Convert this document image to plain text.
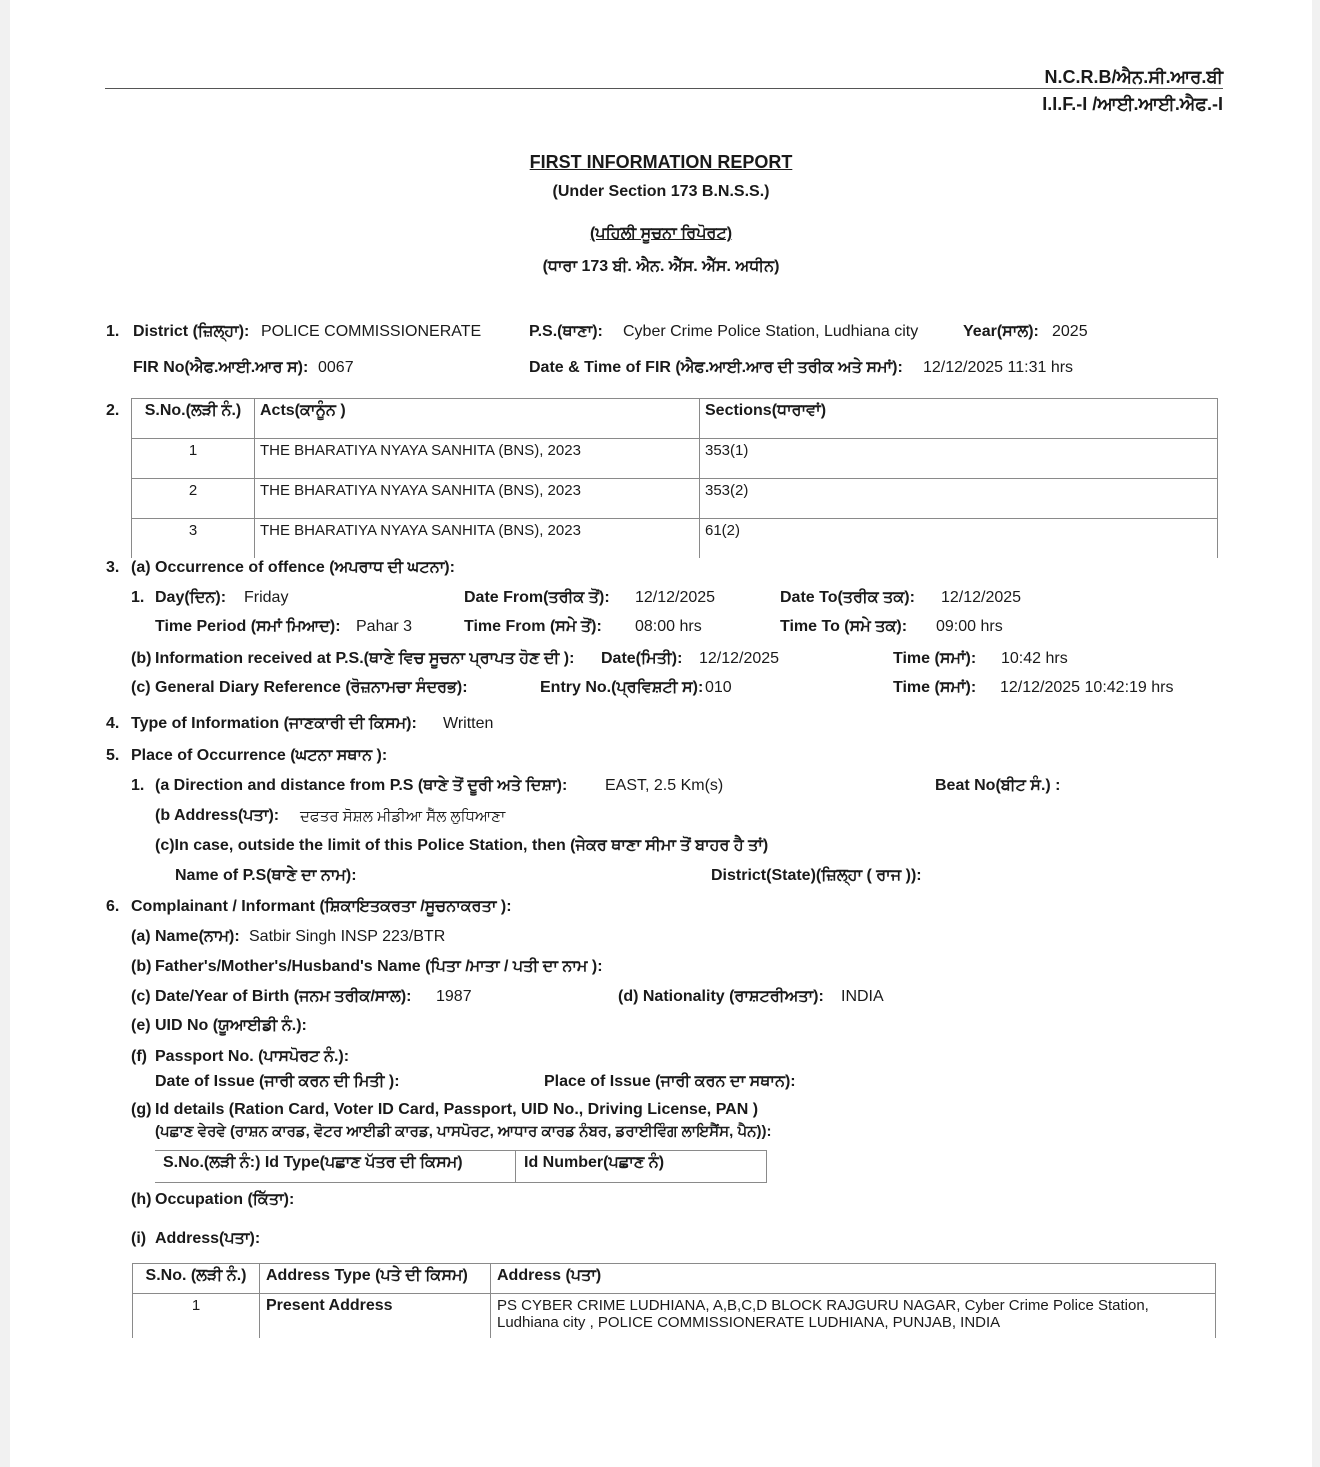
N.C.R.B/ਐਨ.ਸੀ.ਆਰ.ਬੀ
I.I.F.-I /ਆਈ.ਆਈ.ਐਫ.-I
FIRST INFORMATION REPORT
(Under Section 173 B.N.S.S.)
(ਪਹਿਲੀ ਸੂਚਨਾ ਰਿਪੋਰਟ)
(ਧਾਰਾ 173 ਬੀ. ਐਨ. ਐੱਸ. ਐੱਸ. ਅਧੀਨ)
1. District (ਜ਼ਿਲ੍ਹਾ): POLICE COMMISSIONERATE	P.S.(ਥਾਣਾ): Cyber Crime Police Station, Ludhiana city	Year(ਸਾਲ): 2025
FIR No(ਐਫ.ਆਈ.ਆਰ ਸ): 0067	Date & Time of FIR (ਐਫ.ਆਈ.ਆਰ ਦੀ ਤਰੀਕ ਅਤੇ ਸਮਾਂ): 12/12/2025 11:31 hrs
2. S.No.(ਲੜੀ ਨੰ.)	Acts(ਕਾਨੂੰਨ )	Sections(ਧਾਰਾਵਾਂ)
1	THE BHARATIYA NYAYA SANHITA (BNS), 2023	353(1)
2	THE BHARATIYA NYAYA SANHITA (BNS), 2023	353(2)
3	THE BHARATIYA NYAYA SANHITA (BNS), 2023	61(2)
3. (a) Occurrence of offence (ਅਪਰਾਧ ਦੀ ਘਟਨਾ):
1. Day(ਦਿਨ): Friday	Date From(ਤਰੀਕ ਤੋਂ): 12/12/2025	Date To(ਤਰੀਕ ਤਕ): 12/12/2025
Time Period (ਸਮਾਂ ਮਿਆਦ): Pahar 3	Time From (ਸਮੇ ਤੋਂ): 08:00 hrs	Time To (ਸਮੇ ਤਕ): 09:00 hrs
(b) Information received at P.S.(ਥਾਣੇ ਵਿਚ ਸੂਚਨਾ ਪ੍ਰਾਪਤ ਹੋਣ ਦੀ ): Date(ਮਿਤੀ): 12/12/2025	Time (ਸਮਾਂ): 10:42 hrs
(c) General Diary Reference (ਰੋਜ਼ਨਾਮਚਾ ਸੰਦਰਭ):	Entry No.(ਪ੍ਰਵਿਸ਼ਟੀ ਸ): 010	Time (ਸਮਾਂ): 12/12/2025 10:42:19 hrs
4. Type of Information (ਜਾਣਕਾਰੀ ਦੀ ਕਿਸਮ): Written
5. Place of Occurrence (ਘਟਨਾ ਸਥਾਨ ):
1. (a Direction and distance from P.S (ਥਾਣੇ ਤੋਂ ਦੂਰੀ ਅਤੇ ਦਿਸ਼ਾ): EAST, 2.5 Km(s)	Beat No(ਬੀਟ ਸੰ.) :
(b Address(ਪਤਾ): ਦਫਤਰ ਸੋਸ਼ਲ ਮੀਡੀਆ ਸੈੱਲ ਲੁਧਿਆਣਾ
(c)In case, outside the limit of this Police Station, then (ਜੇਕਰ ਥਾਣਾ ਸੀਮਾ ਤੋਂ ਬਾਹਰ ਹੈ ਤਾਂ)
Name of P.S(ਥਾਣੇ ਦਾ ਨਾਮ):	District(State)(ਜ਼ਿਲ੍ਹਾ ( ਰਾਜ )):
6. Complainant / Informant (ਸ਼ਿਕਾਇਤਕਰਤਾ /ਸੂਚਨਾਕਰਤਾ ):
(a) Name(ਨਾਮ): Satbir Singh INSP 223/BTR
(b) Father's/Mother's/Husband's Name (ਪਿਤਾ /ਮਾਤਾ / ਪਤੀ ਦਾ ਨਾਮ ):
(c) Date/Year of Birth (ਜਨਮ ਤਰੀਕ/ਸਾਲ): 1987	(d) Nationality (ਰਾਸ਼ਟਰੀਅਤਾ): INDIA
(e) UID No (ਯੂਆਈਡੀ ਨੰ.):
(f) Passport No. (ਪਾਸਪੋਰਟ ਨੰ.):
Date of Issue (ਜਾਰੀ ਕਰਨ ਦੀ ਮਿਤੀ ):	Place of Issue (ਜਾਰੀ ਕਰਨ ਦਾ ਸਥਾਨ):
(g) Id details (Ration Card, Voter ID Card, Passport, UID No., Driving License, PAN )
(ਪਛਾਣ ਵੇਰਵੇ (ਰਾਸ਼ਨ ਕਾਰਡ, ਵੋਟਰ ਆਈਡੀ ਕਾਰਡ, ਪਾਸਪੋਰਟ, ਆਧਾਰ ਕਾਰਡ ਨੰਬਰ, ਡਰਾਈਵਿੰਗ ਲਾਇਸੈਂਸ, ਪੈਨ)):
S.No.(ਲੜੀ ਨੰ:) Id Type(ਪਛਾਣ ਪੱਤਰ ਦੀ ਕਿਸਮ)	Id Number(ਪਛਾਣ ਨੰ)
(h) Occupation (ਕਿੱਤਾ):
(i) Address(ਪਤਾ):
S.No. (ਲੜੀ ਨੰ.)	Address Type (ਪਤੇ ਦੀ ਕਿਸਮ)	Address (ਪਤਾ)
1	Present Address	PS CYBER CRIME LUDHIANA, A,B,C,D BLOCK RAJGURU NAGAR, Cyber Crime Police Station,
Ludhiana city , POLICE COMMISSIONERATE LUDHIANA, PUNJAB, INDIA
